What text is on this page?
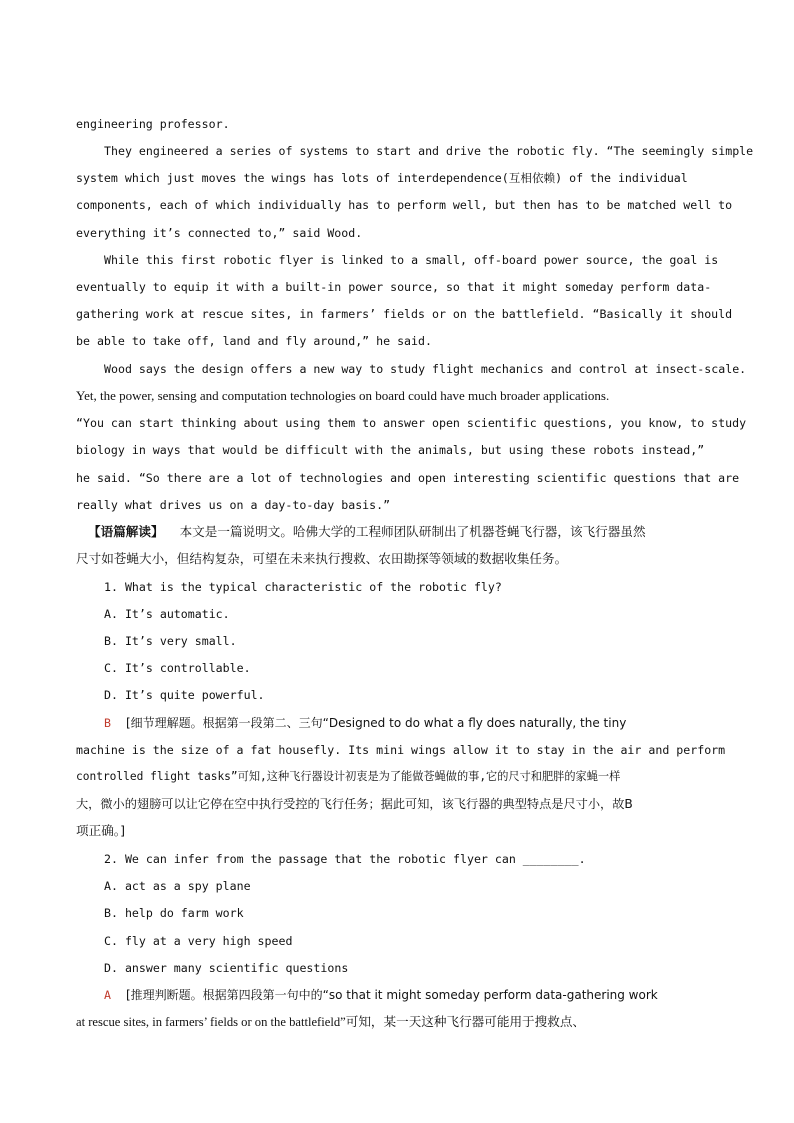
engineering professor.

They engineered a series of systems to start and drive the robotic fly. “The seemingly simple

system which just moves the wings has lots of interdependence(互相依赖) of the individual

components, each of which individually has to perform well, but then has to be matched well to

everything it’s connected to,” said Wood.

While this first robotic flyer is linked to a small, off-board power source, the goal is

eventually to equip it with a built-in power source, so that it might someday perform data-

gathering work at rescue sites, in farmers’ fields or on the battlefield. “Basically it should

be able to take off, land and fly around,” he said.

Wood says the design offers a new way to study flight mechanics and control at insect-scale.

Yet, the power, sensing and computation technologies on board could have much broader applications.

“You can start thinking about using them to answer open scientific questions, you know, to study

biology in ways that would be difficult with the animals, but using these robots instead,”

he said. “So there are a lot of technologies and open interesting scientific questions that are

really what drives us on a day-to-day basis.”

【语篇解读】 本文是一篇说明文。哈佛大学的工程师团队研制出了机器苍蝇飞行器，该飞行器虽然

尺寸如苍蝇大小，但结构复杂，可望在未来执行搜救、农田勘探等领域的数据收集任务。

1. What is the typical characteristic of the robotic fly?

A. It’s automatic.

B. It’s very small.

C. It’s controllable.

D. It’s quite powerful.

B [细节理解题。根据第一段第二、三句“Designed to do what a fly does naturally, the tiny

machine is the size of a fat housefly. Its mini wings allow it to stay in the air and perform

controlled flight tasks”可知,这种飞行器设计初衷是为了能做苍蝇做的事,它的尺寸和肥胖的家蝇一样

大，微小的翅膀可以让它停在空中执行受控的飞行任务；据此可知，该飞行器的典型特点是尺寸小，故B

项正确。]

2. We can infer from the passage that the robotic flyer can ________.

A. act as a spy plane

B. help do farm work

C. fly at a very high speed

D. answer many scientific questions

A [推理判断题。根据第四段第一句中的“so that it might someday perform data-gathering work

at rescue sites, in farmers’ fields or on the battlefield”可知，某一天这种飞行器可能用于搜救点、
